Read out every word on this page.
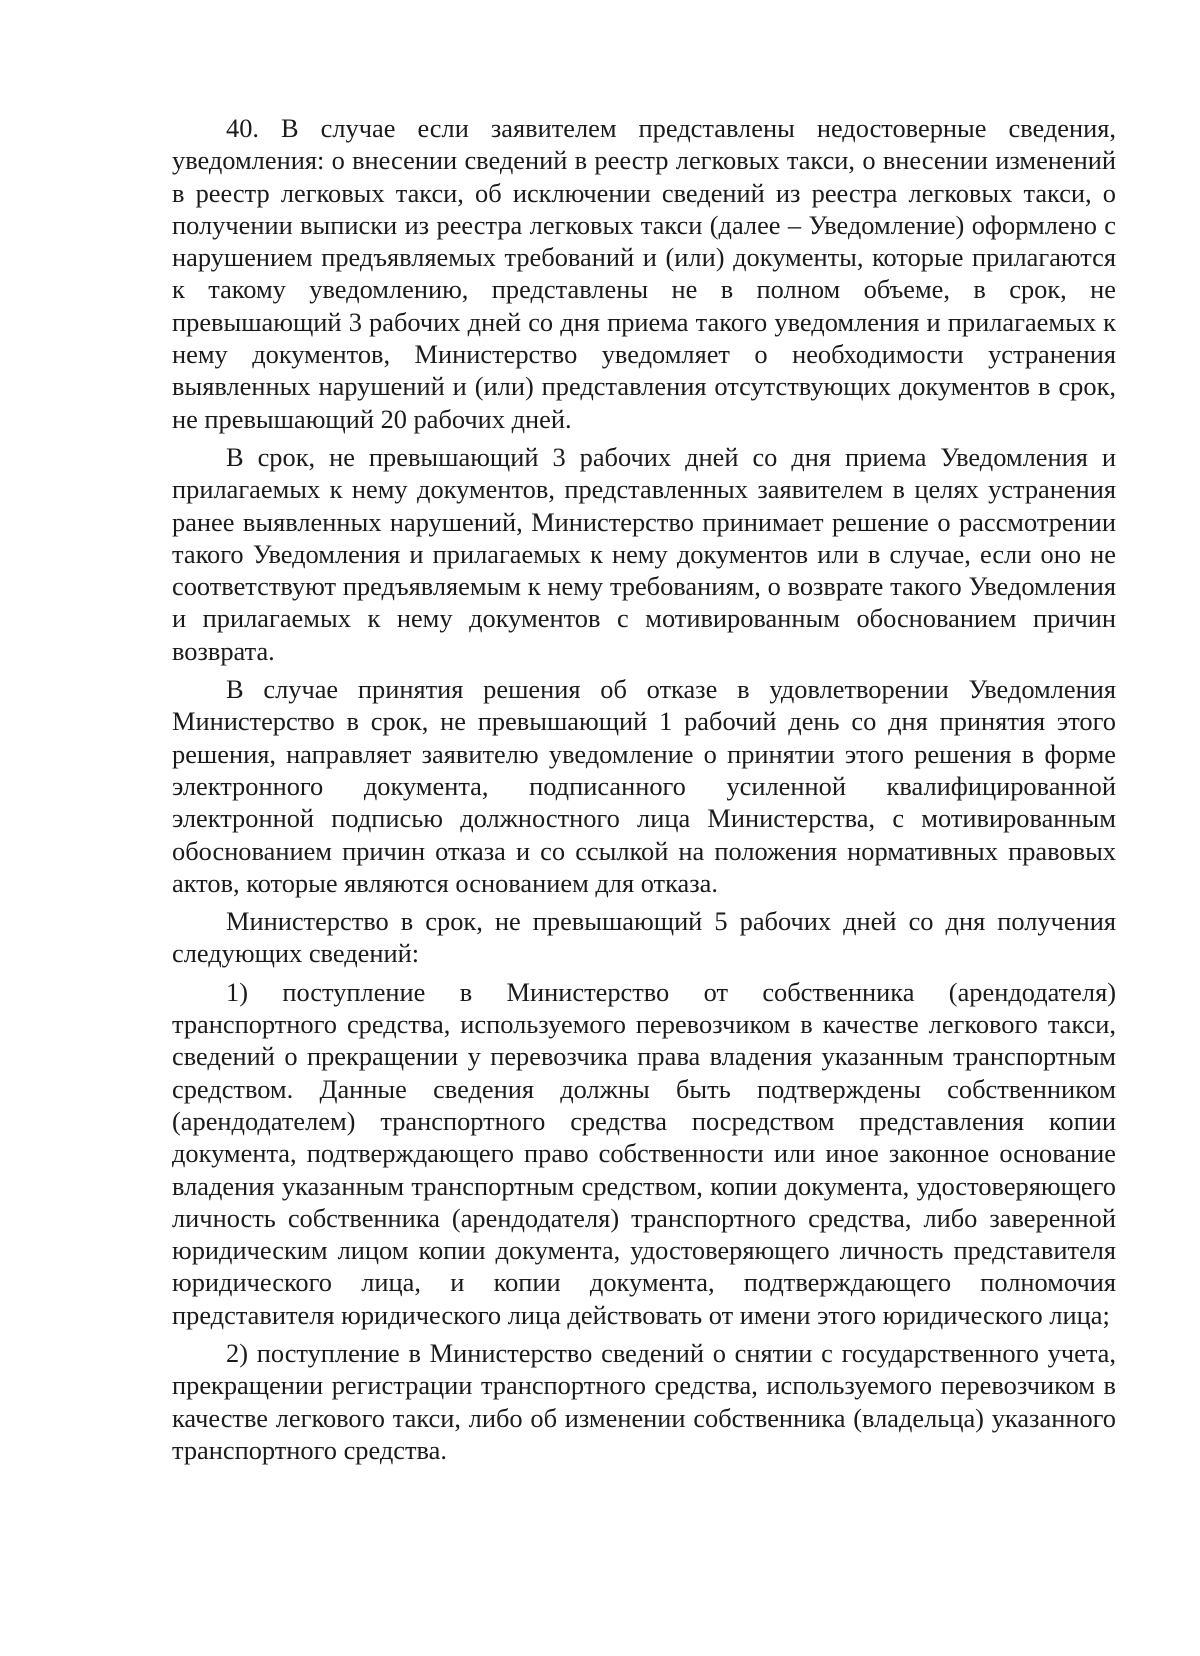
40. В случае если заявителем представлены недостоверные сведения, уведомления: о внесении сведений в реестр легковых такси, о внесении изменений в реестр легковых такси, об исключении сведений из реестра легковых такси, о получении выписки из реестра легковых такси (далее – Уведомление) оформлено с нарушением предъявляемых требований и (или) документы, которые прилагаются к такому уведомлению, представлены не в полном объеме, в срок, не превышающий 3 рабочих дней со дня приема такого уведомления и прилагаемых к нему документов, Министерство уведомляет о необходимости устранения выявленных нарушений и (или) представления отсутствующих документов в срок, не превышающий 20 рабочих дней.

В срок, не превышающий 3 рабочих дней со дня приема Уведомления и прилагаемых к нему документов, представленных заявителем в целях устранения ранее выявленных нарушений, Министерство принимает решение о рассмотрении такого Уведомления и прилагаемых к нему документов или в случае, если оно не соответствуют предъявляемым к нему требованиям, о возврате такого Уведомления и прилагаемых к нему документов с мотивированным обоснованием причин возврата.

В случае принятия решения об отказе в удовлетворении Уведомления Министерство в срок, не превышающий 1 рабочий день со дня принятия этого решения, направляет заявителю уведомление о принятии этого решения в форме электронного документа, подписанного усиленной квалифицированной электронной подписью должностного лица Министерства, с мотивированным обоснованием причин отказа и со ссылкой на положения нормативных правовых актов, которые являются основанием для отказа.

Министерство в срок, не превышающий 5 рабочих дней со дня получения следующих сведений:

1) поступление в Министерство от собственника (арендодателя) транспортного средства, используемого перевозчиком в качестве легкового такси, сведений о прекращении у перевозчика права владения указанным транспортным средством. Данные сведения должны быть подтверждены собственником (арендодателем) транспортного средства посредством представления копии документа, подтверждающего право собственности или иное законное основание владения указанным транспортным средством, копии документа, удостоверяющего личность собственника (арендодателя) транспортного средства, либо заверенной юридическим лицом копии документа, удостоверяющего личность представителя юридического лица, и копии документа, подтверждающего полномочия представителя юридического лица действовать от имени этого юридического лица;

2) поступление в Министерство сведений о снятии с государственного учета, прекращении регистрации транспортного средства, используемого перевозчиком в качестве легкового такси, либо об изменении собственника (владельца) указанного транспортного средства.
